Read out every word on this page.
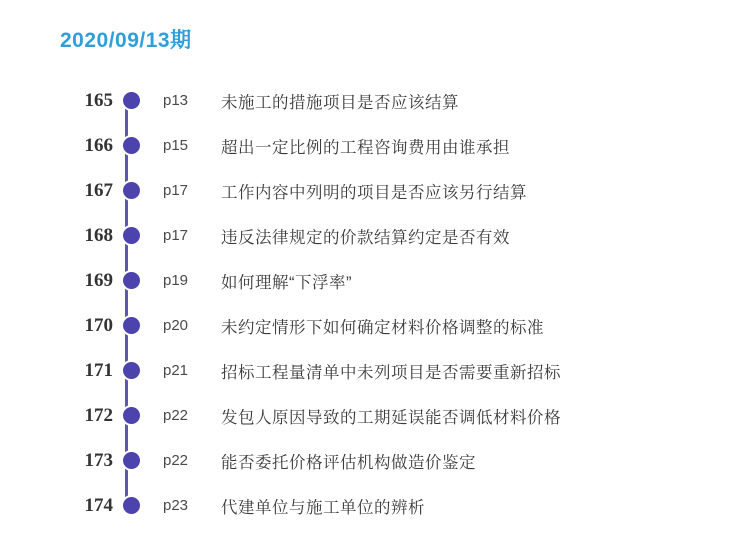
2020/09/13期
165	p13	未施工的措施项目是否应该结算
166	p15	超出一定比例的工程咨询费用由谁承担
167	p17	工作内容中列明的项目是否应该另行结算
168	p17	违反法律规定的价款结算约定是否有效
169	p19	如何理解“下浮率”
170	p20	未约定情形下如何确定材料价格调整的标准
171	p21	招标工程量清单中未列项目是否需要重新招标
172	p22	发包人原因导致的工期延误能否调低材料价格
173	p22	能否委托价格评估机构做造价鉴定
174	p23	代建单位与施工单位的辨析
